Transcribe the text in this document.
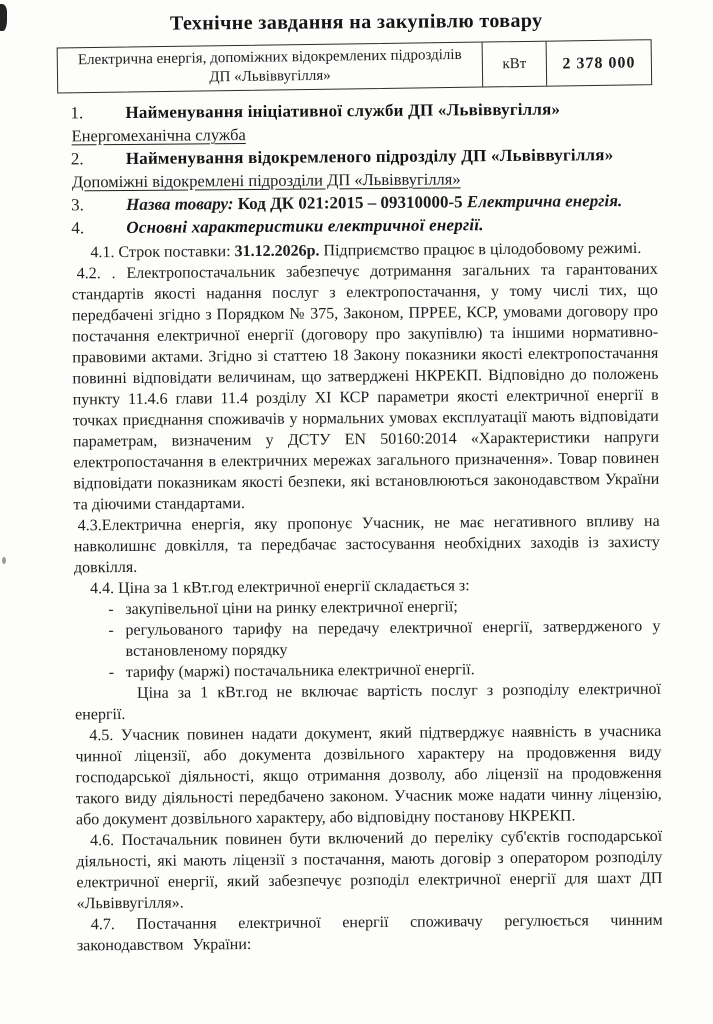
Технічне завдання на закупівлю товару
Електрична енергія, допоміжних відокремлених підрозділів
ДП «Львіввугілля»
кВт	2 378 000
1.	Найменування ініціативної служби ДП «Львіввугілля»
Енергомеханічна служба
2.	Найменування відокремленого підрозділу ДП «Львіввугілля»
Допоміжні відокремлені підрозділи ДП «Львіввугілля»
3.	Назва товару: Код ДК 021:2015 – 09310000-5 Електрична енергія.
4.	Основні характеристики електричної енергії.

4.1. Строк поставки: 31.12.2026р. Підприємство працює в цілодобовому режимі.

4.2. . Електропостачальник забезпечує дотримання загальних та гарантованих стандартів якості надання послуг з електропостачання, у тому числі тих, що передбачені згідно з Порядком № 375, Законом, ПРРЕЕ, КСР, умовами договору про постачання електричної енергії (договору про закупівлю) та іншими нормативно-правовими актами. Згідно зі статтею 18 Закону показники якості електропостачання повинні відповідати величинам, що затверджені НКРЕКП. Відповідно до положень пункту 11.4.6 глави 11.4 розділу XI КСР параметри якості електричної енергії в точках приєднання споживачів у нормальних умовах експлуатації мають відповідати параметрам, визначеним у ДСТУ EN 50160:2014 «Характеристики напруги електропостачання в електричних мережах загального призначення». Товар повинен відповідати показникам якості безпеки, які встановлюються законодавством України та діючими стандартами.

4.3.Електрична енергія, яку пропонує Учасник, не має негативного впливу на навколишнє довкілля, та передбачає застосування необхідних заходів із захисту довкілля.

4.4. Ціна за 1 кВт.год електричної енергії складається з:

- закупівельної ціни на ринку електричної енергії;
- регульованого тарифу на передачу електричної енергії, затвердженого у встановленому порядку
- тарифу (маржі) постачальника електричної енергії.

Ціна за 1 кВт.год не включає вартість послуг з розподілу електричної енергії.

4.5. Учасник повинен надати документ, який підтверджує наявність в учасника чинної ліцензії, або документа дозвільного характеру на продовження виду господарської діяльності, якщо отримання дозволу, або ліцензії на продовження такого виду діяльності передбачено законом. Учасник може надати чинну ліцензію, або документ дозвільного характеру, або відповідну постанову НКРЕКП.

4.6. Постачальник повинен бути включений до переліку суб'єктів господарської діяльності, які мають ліцензії з постачання, мають договір з оператором розподілу електричної енергії, який забезпечує розподіл електричної енергії для шахт ДП «Львіввугілля».

4.7. Постачання електричної енергії споживачу регулюється чинним законодавством України:
